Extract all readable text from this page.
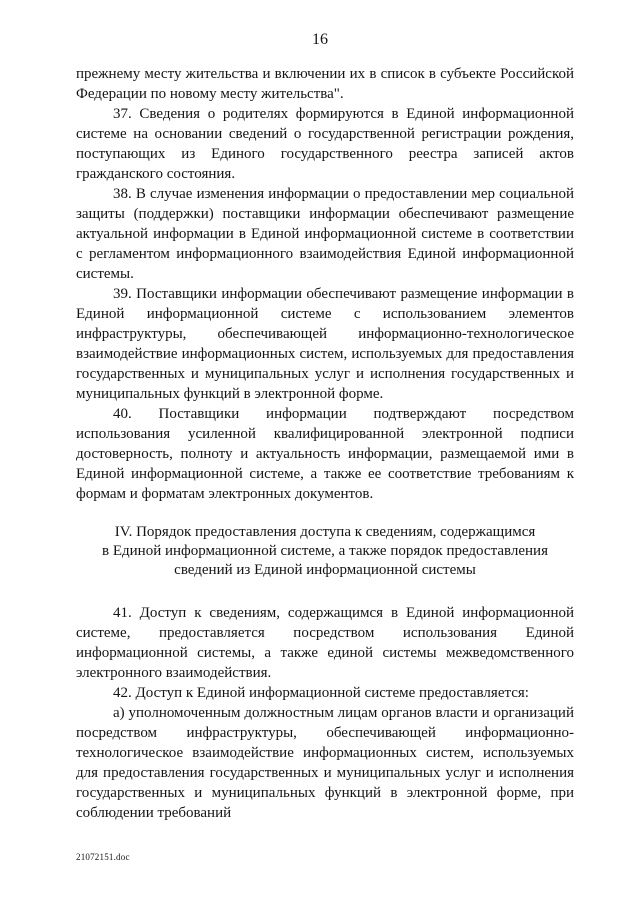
16

прежнему месту жительства и включении их в список в субъекте Российской Федерации по новому месту жительства".

37. Сведения о родителях формируются в Единой информационной системе на основании сведений о государственной регистрации рождения, поступающих из Единого государственного реестра записей актов гражданского состояния.

38. В случае изменения информации о предоставлении мер социальной защиты (поддержки) поставщики информации обеспечивают размещение актуальной информации в Единой информационной системе в соответствии с регламентом информационного взаимодействия Единой информационной системы.

39. Поставщики информации обеспечивают размещение информации в Единой информационной системе с использованием элементов инфраструктуры, обеспечивающей информационно-технологическое взаимодействие информационных систем, используемых для предоставления государственных и муниципальных услуг и исполнения государственных и муниципальных функций в электронной форме.

40. Поставщики информации подтверждают посредством использования усиленной квалифицированной электронной подписи достоверность, полноту и актуальность информации, размещаемой ими в Единой информационной системе, а также ее соответствие требованиям к формам и форматам электронных документов.

IV. Порядок предоставления доступа к сведениям, содержащимся
в Единой информационной системе, а также порядок предоставления
сведений из Единой информационной системы

41. Доступ к сведениям, содержащимся в Единой информационной системе, предоставляется посредством использования Единой информационной системы, а также единой системы межведомственного электронного взаимодействия.

42. Доступ к Единой информационной системе предоставляется:

а) уполномоченным должностным лицам органов власти и организаций посредством инфраструктуры, обеспечивающей информационно-технологическое взаимодействие информационных систем, используемых для предоставления государственных и муниципальных услуг и исполнения государственных и муниципальных функций в электронной форме, при соблюдении требований

21072151.doc
